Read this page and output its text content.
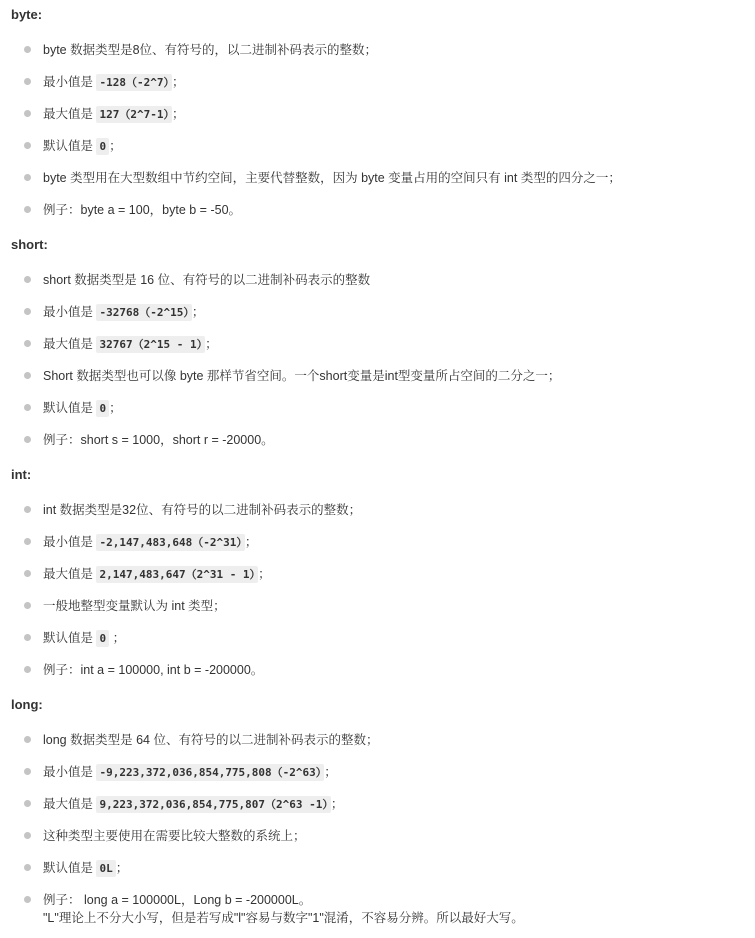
byte:
byte 数据类型是8位、有符号的，以二进制补码表示的整数；
最小值是 -128（-2^7） ；
最大值是 127（2^7-1） ；
默认值是 0 ；
byte 类型用在大型数组中节约空间，主要代替整数，因为 byte 变量占用的空间只有 int 类型的四分之一；
例子：byte a = 100，byte b = -50。
short:
short 数据类型是 16 位、有符号的以二进制补码表示的整数
最小值是 -32768（-2^15） ；
最大值是 32767（2^15 - 1） ；
Short 数据类型也可以像 byte 那样节省空间。一个short变量是int型变量所占空间的二分之一；
默认值是 0 ；
例子：short s = 1000，short r = -20000。
int:
int 数据类型是32位、有符号的以二进制补码表示的整数；
最小值是 -2,147,483,648（-2^31） ；
最大值是 2,147,483,647（2^31 - 1） ；
一般地整型变量默认为 int 类型；
默认值是 0 ；
例子：int a = 100000, int b = -200000。
long:
long 数据类型是 64 位、有符号的以二进制补码表示的整数；
最小值是 -9,223,372,036,854,775,808（-2^63） ；
最大值是 9,223,372,036,854,775,807（2^63 -1） ；
这种类型主要使用在需要比较大整数的系统上；
默认值是 0L ；
例子： long a = 100000L，Long b = -200000L。
"L"理论上不分大小写，但是若写成"l"容易与数字"1"混淆，不容易分辨。所以最好大写。
